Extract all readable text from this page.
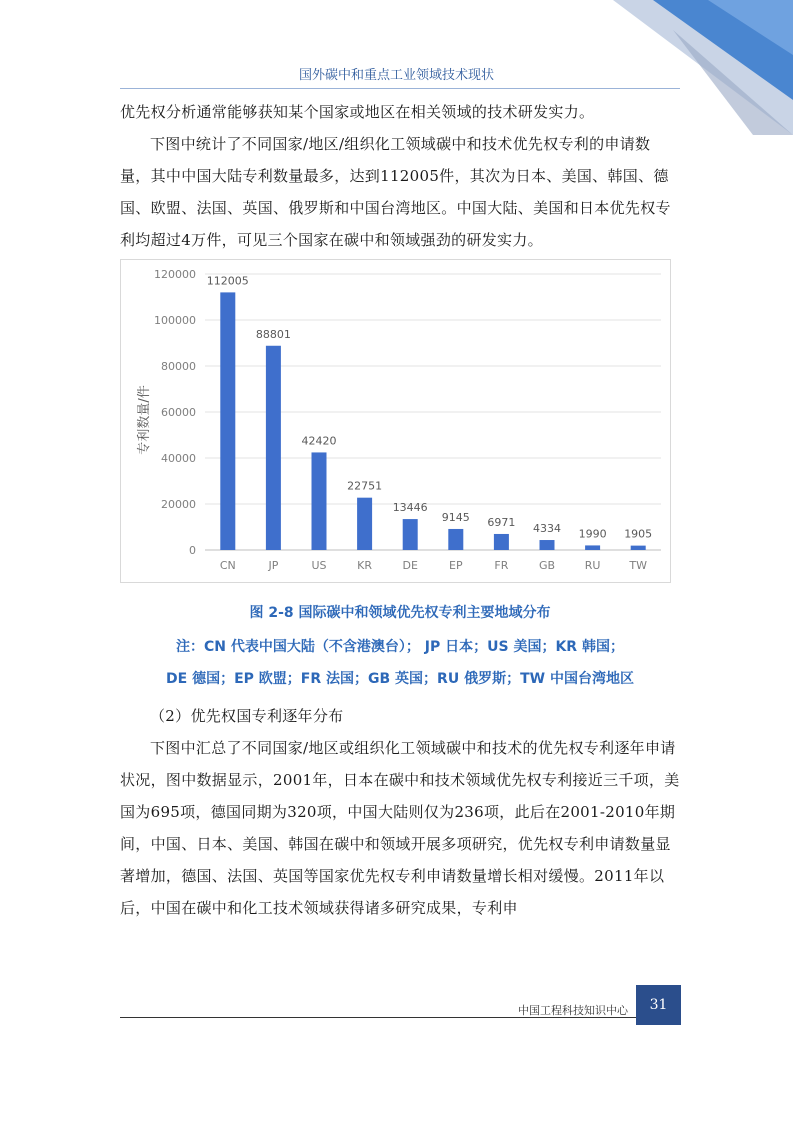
国外碳中和重点工业领域技术现状

优先权分析通常能够获知某个国家或地区在相关领域的技术研发实力。

下图中统计了不同国家/地区/组织化工领域碳中和技术优先权专利的申请数量，其中中国大陆专利数量最多，达到112005件，其次为日本、美国、韩国、德国、欧盟、法国、英国、俄罗斯和中国台湾地区。中国大陆、美国和日本优先权专利均超过4万件，可见三个国家在碳中和领域强劲的研发实力。

0
20000
40000
60000
80000
100000
120000 112005
CN
88801
JP
42420
US
22751
KR
13446
DE
9145
EP
6971
FR
4334
GB
1990
RU
1905
TW
专利数量/件
图 2-8 国际碳中和领域优先权专利主要地域分布
注：CN 代表中国大陆（不含港澳台）； JP 日本；US 美国；KR 韩国；
DE 德国；EP 欧盟；FR 法国；GB 英国；RU 俄罗斯；TW 中国台湾地区

（2）优先权国专利逐年分布

下图中汇总了不同国家/地区或组织化工领域碳中和技术的优先权专利逐年申请状况，图中数据显示，2001年，日本在碳中和技术领域优先权专利接近三千项，美国为695项，德国同期为320项，中国大陆则仅为236项，此后在2001-2010年期间，中国、日本、美国、韩国在碳中和领域开展多项研究，优先权专利申请数量显著增加，德国、法国、英国等国家优先权专利申请数量增长相对缓慢。2011年以后，中国在碳中和化工技术领域获得诸多研究成果，专利申

中国工程科技知识中心	31
